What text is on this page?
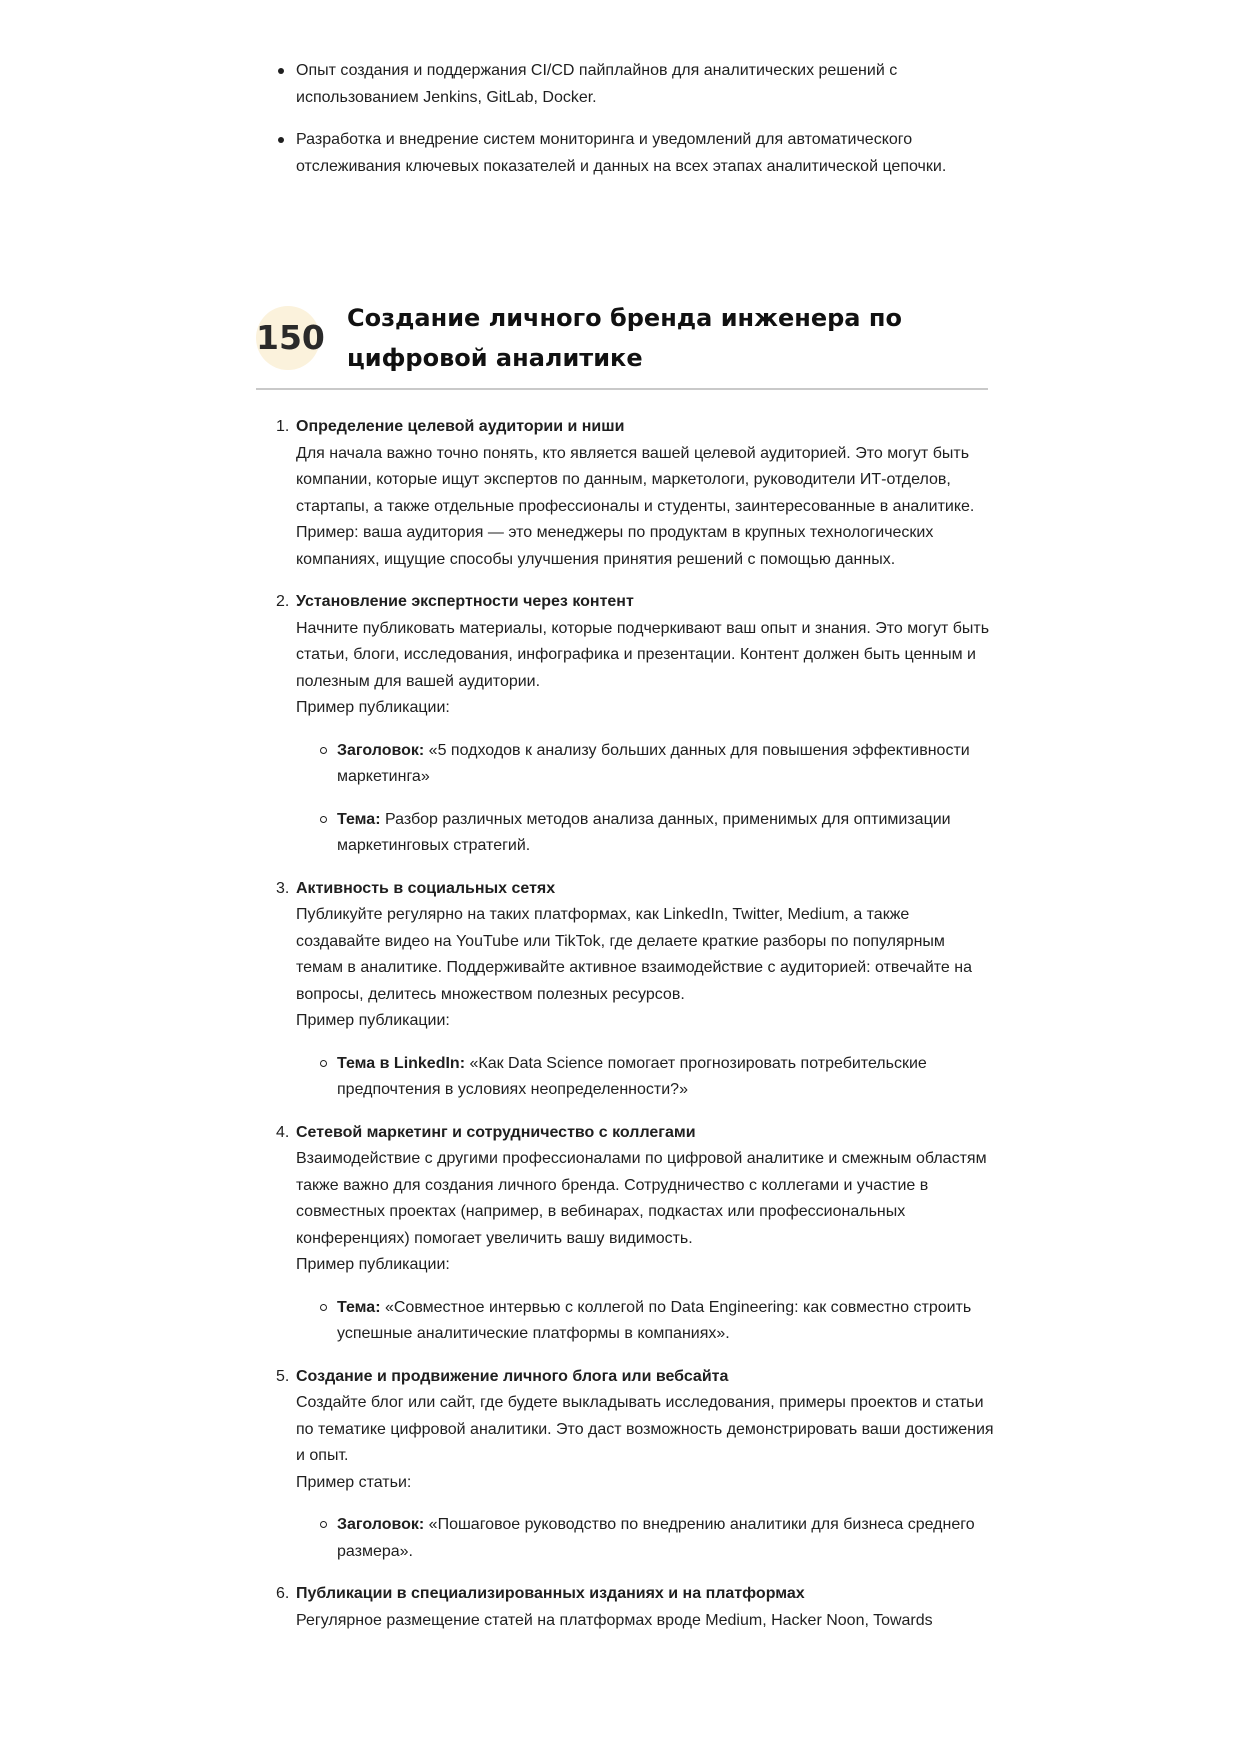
Опыт создания и поддержания CI/CD пайплайнов для аналитических решений с использованием Jenkins, GitLab, Docker.
Разработка и внедрение систем мониторинга и уведомлений для автоматического отслеживания ключевых показателей и данных на всех этапах аналитической цепочки.
150 Создание личного бренда инженера по цифровой аналитике
1. Определение целевой аудитории и ниши
Для начала важно точно понять, кто является вашей целевой аудиторией. Это могут быть компании, которые ищут экспертов по данным, маркетологи, руководители ИТ-отделов, стартапы, а также отдельные профессионалы и студенты, заинтересованные в аналитике.
Пример: ваша аудитория — это менеджеры по продуктам в крупных технологических компаниях, ищущие способы улучшения принятия решений с помощью данных.
2. Установление экспертности через контент
Начните публиковать материалы, которые подчеркивают ваш опыт и знания. Это могут быть статьи, блоги, исследования, инфографика и презентации. Контент должен быть ценным и полезным для вашей аудитории.
Пример публикации:
Заголовок: «5 подходов к анализу больших данных для повышения эффективности маркетинга»
Тема: Разбор различных методов анализа данных, применимых для оптимизации маркетинговых стратегий.
3. Активность в социальных сетях
Публикуйте регулярно на таких платформах, как LinkedIn, Twitter, Medium, а также создавайте видео на YouTube или TikTok, где делаете краткие разборы по популярным темам в аналитике. Поддерживайте активное взаимодействие с аудиторией: отвечайте на вопросы, делитесь множеством полезных ресурсов.
Пример публикации:
Тема в LinkedIn: «Как Data Science помогает прогнозировать потребительские предпочтения в условиях неопределенности?»
4. Сетевой маркетинг и сотрудничество с коллегами
Взаимодействие с другими профессионалами по цифровой аналитике и смежным областям также важно для создания личного бренда. Сотрудничество с коллегами и участие в совместных проектах (например, в вебинарах, подкастах или профессиональных конференциях) помогает увеличить вашу видимость.
Пример публикации:
Тема: «Совместное интервью с коллегой по Data Engineering: как совместно строить успешные аналитические платформы в компаниях».
5. Создание и продвижение личного блога или вебсайта
Создайте блог или сайт, где будете выкладывать исследования, примеры проектов и статьи по тематике цифровой аналитики. Это даст возможность демонстрировать ваши достижения и опыт.
Пример статьи:
Заголовок: «Пошаговое руководство по внедрению аналитики для бизнеса среднего размера».
6. Публикации в специализированных изданиях и на платформах
Регулярное размещение статей на платформах вроде Medium, Hacker Noon, Towards
